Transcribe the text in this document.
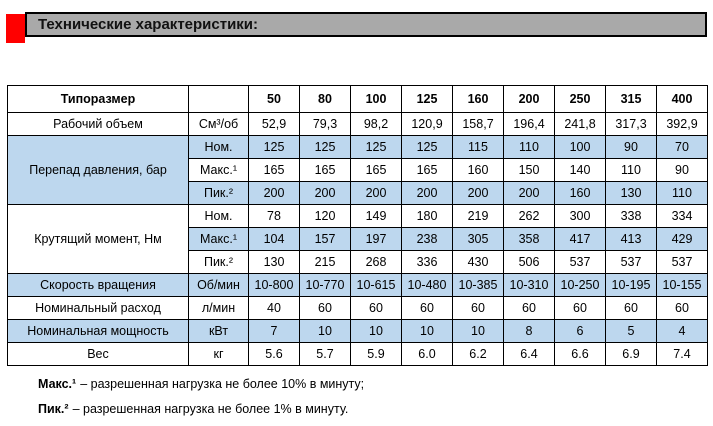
Технические характеристики:
Типоразмер		50	80	100	125	160	200	250	315	400
Рабочий объем	См³/об	52,9	79,3	98,2	120,9	158,7	196,4	241,8	317,3	392,9
Перепад давления, бар	Ном.	125	125	125	125	115	110	100	90	70
	Макс.¹	165	165	165	165	160	150	140	110	90
	Пик.²	200	200	200	200	200	200	160	130	110
Крутящий момент, Нм	Ном.	78	120	149	180	219	262	300	338	334
	Макс.¹	104	157	197	238	305	358	417	413	429
	Пик.²	130	215	268	336	430	506	537	537	537
Скорость вращения	Об/мин	10-800	10-770	10-615	10-480	10-385	10-310	10-250	10-195	10-155
Номинальный расход	л/мин	40	60	60	60	60	60	60	60	60
Номинальная мощность	кВт	7	10	10	10	10	8	6	5	4
Вес	кг	5.6	5.7	5.9	6.0	6.2	6.4	6.6	6.9	7.4
Макс.¹ – разрешенная нагрузка не более 10% в минуту;
Пик.² – разрешенная нагрузка не более 1% в минуту.
